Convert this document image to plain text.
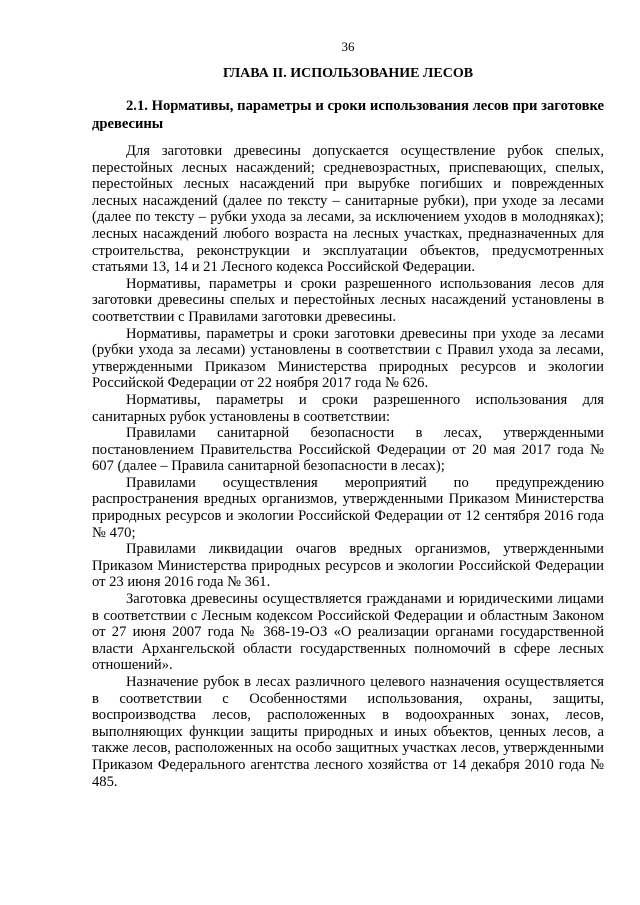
36
ГЛАВА II. ИСПОЛЬЗОВАНИЕ ЛЕСОВ
2.1. Нормативы, параметры и сроки использования лесов при заготовке древесины

Для заготовки древесины допускается осуществление рубок спелых, перестойных лесных насаждений; средневозрастных, приспевающих, спелых, перестойных лесных насаждений при вырубке погибших и поврежденных лесных насаждений (далее по тексту – санитарные рубки), при уходе за лесами (далее по тексту – рубки ухода за лесами, за исключением уходов в молодняках); лесных насаждений любого возраста на лесных участках, предназначенных для строительства, реконструкции и эксплуатации объектов, предусмотренных статьями 13, 14 и 21 Лесного кодекса Российской Федерации.

Нормативы, параметры и сроки разрешенного использования лесов для заготовки древесины спелых и перестойных лесных насаждений установлены в соответствии с Правилами заготовки древесины.

Нормативы, параметры и сроки заготовки древесины при уходе за лесами (рубки ухода за лесами) установлены в соответствии с Правил ухода за лесами, утвержденными Приказом Министерства природных ресурсов и экологии Российской Федерации от 22 ноября 2017 года № 626.

Нормативы, параметры и сроки разрешенного использования для санитарных рубок установлены в соответствии:

Правилами санитарной безопасности в лесах, утвержденными постановлением Правительства Российской Федерации от 20 мая 2017 года № 607 (далее – Правила санитарной безопасности в лесах);

Правилами осуществления мероприятий по предупреждению распространения вредных организмов, утвержденными Приказом Министерства природных ресурсов и экологии Российской Федерации от 12 сентября 2016 года № 470;

Правилами ликвидации очагов вредных организмов, утвержденными Приказом Министерства природных ресурсов и экологии Российской Федерации от 23 июня 2016 года № 361.

Заготовка древесины осуществляется гражданами и юридическими лицами в соответствии с Лесным кодексом Российской Федерации и областным Законом от 27 июня 2007 года № 368-19-ОЗ «О реализации органами государственной власти Архангельской области государственных полномочий в сфере лесных отношений».

Назначение рубок в лесах различного целевого назначения осуществляется в соответствии с Особенностями использования, охраны, защиты, воспроизводства лесов, расположенных в водоохранных зонах, лесов, выполняющих функции защиты природных и иных объектов, ценных лесов, а также лесов, расположенных на особо защитных участках лесов, утвержденными Приказом Федерального агентства лесного хозяйства от 14 декабря 2010 года № 485.
